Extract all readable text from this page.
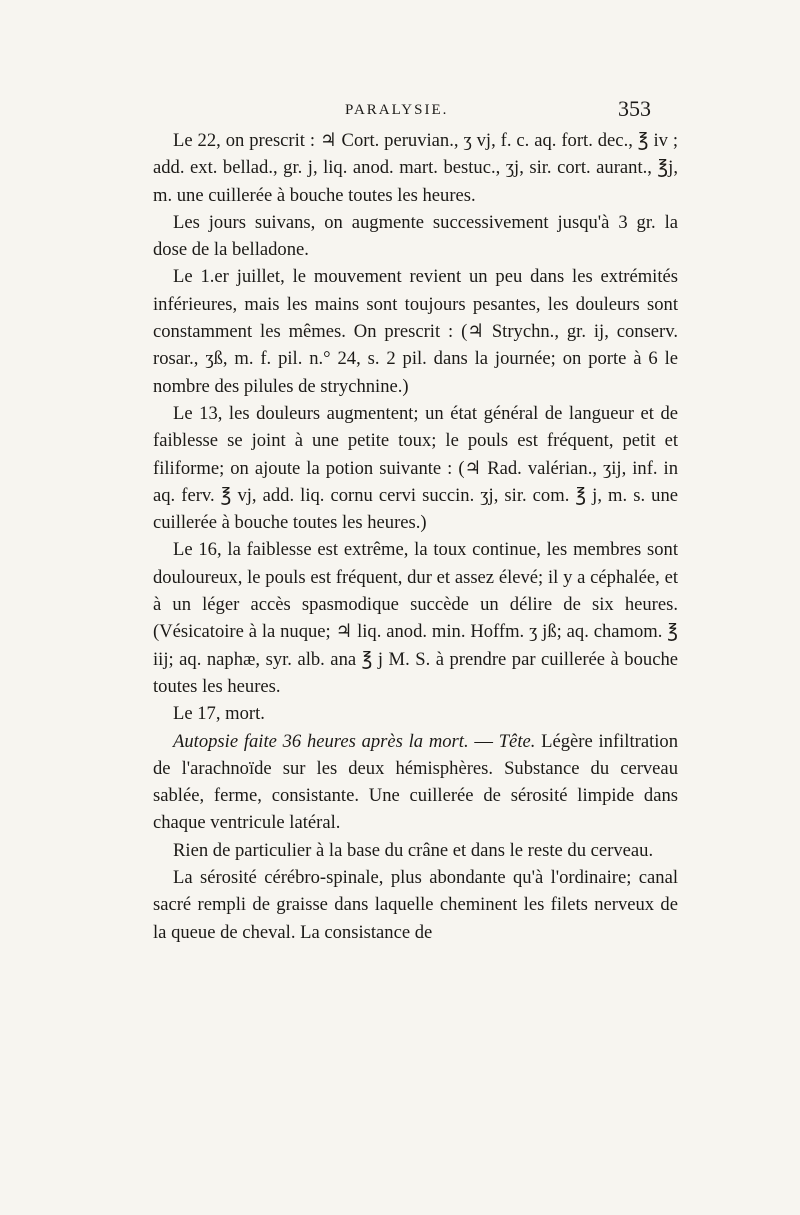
PARALYSIE.	353

Le 22, on prescrit : ♃ Cort. peruvian., ʒ vj, f. c. aq. fort. dec., ℥ iv ; add. ext. bellad., gr. j, liq. anod. mart. bestuc., ʒj, sir. cort. aurant., ℥j, m. une cuillerée à bouche toutes les heures.

Les jours suivans, on augmente successivement jusqu'à 3 gr. la dose de la belladone.

Le 1.er juillet, le mouvement revient un peu dans les extrémités inférieures, mais les mains sont toujours pesantes, les douleurs sont constamment les mêmes. On prescrit : (♃ Strychn., gr. ij, conserv. rosar., ʒß, m. f. pil. n.° 24, s. 2 pil. dans la journée; on porte à 6 le nombre des pilules de strychnine.)

Le 13, les douleurs augmentent; un état général de langueur et de faiblesse se joint à une petite toux; le pouls est fréquent, petit et filiforme; on ajoute la potion suivante : (♃ Rad. valérian., ʒij, inf. in aq. ferv. ℥ vj, add. liq. cornu cervi succin. ʒj, sir. com. ℥ j, m. s. une cuillerée à bouche toutes les heures.)

Le 16, la faiblesse est extrême, la toux continue, les membres sont douloureux, le pouls est fréquent, dur et assez élevé; il y a céphalée, et à un léger accès spasmodique succède un délire de six heures. (Vésicatoire à la nuque; ♃ liq. anod. min. Hoffm. ʒ jß; aq. chamom. ℥ iij; aq. naphæ, syr. alb. ana ℥ j M. S. à prendre par cuillerée à bouche toutes les heures.

Le 17, mort.

Autopsie faite 36 heures après la mort. — Tête. Légère infiltration de l'arachnoïde sur les deux hémisphères. Substance du cerveau sablée, ferme, consistante. Une cuillerée de sérosité limpide dans chaque ventricule latéral.

Rien de particulier à la base du crâne et dans le reste du cerveau.

La sérosité cérébro-spinale, plus abondante qu'à l'ordinaire; canal sacré rempli de graisse dans laquelle cheminent les filets nerveux de la queue de cheval. La consistance de
